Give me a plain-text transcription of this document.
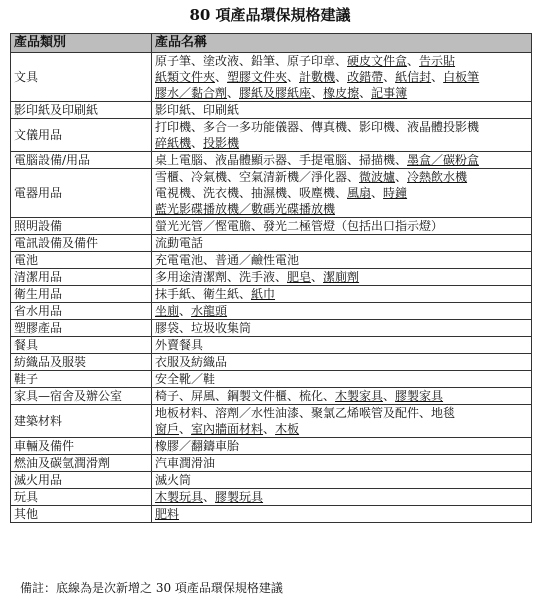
80 項產品環保規格建議
產品類別	產品名稱
文具	原子筆、塗改液、鉛筆、原子印章、硬皮文件盒、告示貼
紙類文件夾、塑膠文件夾、計數機、改錯帶、紙信封、白板筆
膠水／黏合劑、膠紙及膠紙座、橡皮擦、記事簿

影印紙及印刷紙	影印紙、印刷紙

文儀用品	打印機、多合一多功能儀器、傳真機、影印機、液晶體投影機
碎紙機、投影機

電腦設備/用品	桌上電腦、液晶體顯示器、手提電腦、掃描機、墨盒／碳粉盒

電器用品	雪櫃、冷氣機、空氣清新機／淨化器、微波爐、冷熱飲水機
電視機、洗衣機、抽濕機、吸塵機、風扇、時鐘
藍光影碟播放機／數碼光碟播放機

照明設備	螢光光管／慳電膽、發光二極管燈（包括出口指示燈）

電訊設備及備件	流動電話

電池	充電電池、普通／鹼性電池

清潔用品	多用途清潔劑、洗手液、肥皂、潔廁劑

衛生用品	抹手紙、衛生紙、紙巾

省水用品	坐廁、水龍頭

塑膠產品	膠袋、垃圾收集筒

餐具	外賣餐具

紡織品及服裝	衣服及紡織品

鞋子	安全靴／鞋

家具—宿舍及辦公室	椅子、屏風、鋼製文件櫃、梳化、木製家具、膠製家具

建築材料	地板材料、溶劑／水性油漆、聚氯乙烯喉管及配件、地毯
窗戶、室內牆面材料、木板

車輛及備件	橡膠／翻鑄車胎

燃油及碳氫潤滑劑	汽車潤滑油

滅火用品	滅火筒

玩具	木製玩具、膠製玩具

其他	肥料
備註：底線為是次新增之 30 項產品環保規格建議
